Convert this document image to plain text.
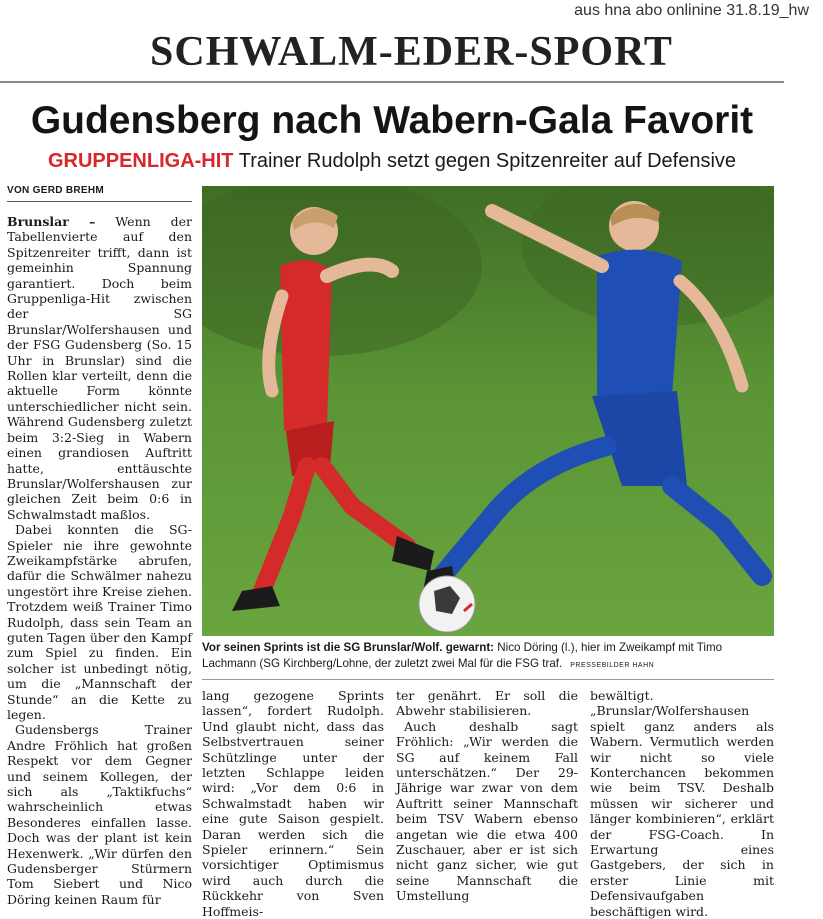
aus hna abo onlinine 31.8.19_hw
SCHWALM-EDER-SPORT
Gudensberg nach Wabern-Gala Favorit
GRUPPENLIGA-HIT Trainer Rudolph setzt gegen Spitzenreiter auf Defensive
VON GERD BREHM

Brunslar – Wenn der Tabellenvierte auf den Spitzenreiter trifft, dann ist gemeinhin Spannung garantiert. Doch beim Gruppenliga-Hit zwischen der SG Brunslar/Wolfershausen und der FSG Gudensberg (So. 15 Uhr in Brunslar) sind die Rollen klar verteilt, denn die aktuelle Form könnte unterschiedlicher nicht sein. Während Gudensberg zuletzt beim 3:2-Sieg in Wabern einen grandiosen Auftritt hatte, enttäuschte Brunslar/Wolfershausen zur gleichen Zeit beim 0:6 in Schwalmstadt maßlos.

Dabei konnten die SG-Spieler nie ihre gewohnte Zweikampfstärke abrufen, dafür die Schwälmer nahezu ungestört ihre Kreise ziehen. Trotzdem weiß Trainer Timo Rudolph, dass sein Team an guten Tagen über den Kampf zum Spiel zu finden. Ein solcher ist unbedingt nötig, um die „Mannschaft der Stunde“ an die Kette zu legen.

Gudensbergs Trainer Andre Fröhlich hat großen Respekt vor dem Gegner und seinem Kollegen, der sich als „Taktikfuchs“ wahrscheinlich etwas Besonderes einfallen lasse. Doch was der plant ist kein Hexenwerk. „Wir dürfen den Gudensberger Stürmern Tom Siebert und Nico Döring keinen Raum für

Vor seinen Sprints ist die SG Brunslar/Wolf. gewarnt: Nico Döring (l.), hier im Zweikampf mit Timo Lachmann (SG Kirchberg/Lohne, der zuletzt zwei Mal für die FSG traf. PRESSEBILDER HAHN

lang gezogene Sprints lassen“, fordert Rudolph. Und glaubt nicht, dass das Selbstvertrauen seiner Schützlinge unter der letzten Schlappe leiden wird: „Vor dem 0:6 in Schwalmstadt haben wir eine gute Saison gespielt. Daran werden sich die Spieler erinnern.“ Sein vorsichtiger Optimismus wird auch durch die Rückkehr von Sven Hoffmeis-

ter genährt. Er soll die Abwehr stabilisieren.

Auch deshalb sagt Fröhlich: „Wir werden die SG auf keinem Fall unterschätzen.“ Der 29-Jährige war zwar von dem Auftritt seiner Mannschaft beim TSV Wabern ebenso angetan wie die etwa 400 Zuschauer, aber er ist sich nicht ganz sicher, wie gut seine Mannschaft die Umstellung

bewältigt. „Brunslar/Wolfershausen spielt ganz anders als Wabern. Vermutlich werden wir nicht so viele Konterchancen bekommen wie beim TSV. Deshalb müssen wir sicherer und länger kombinieren“, erklärt der FSG-Coach. In Erwartung eines Gastgebers, der sich in erster Linie mit Defensivaufgaben beschäftigen wird.
